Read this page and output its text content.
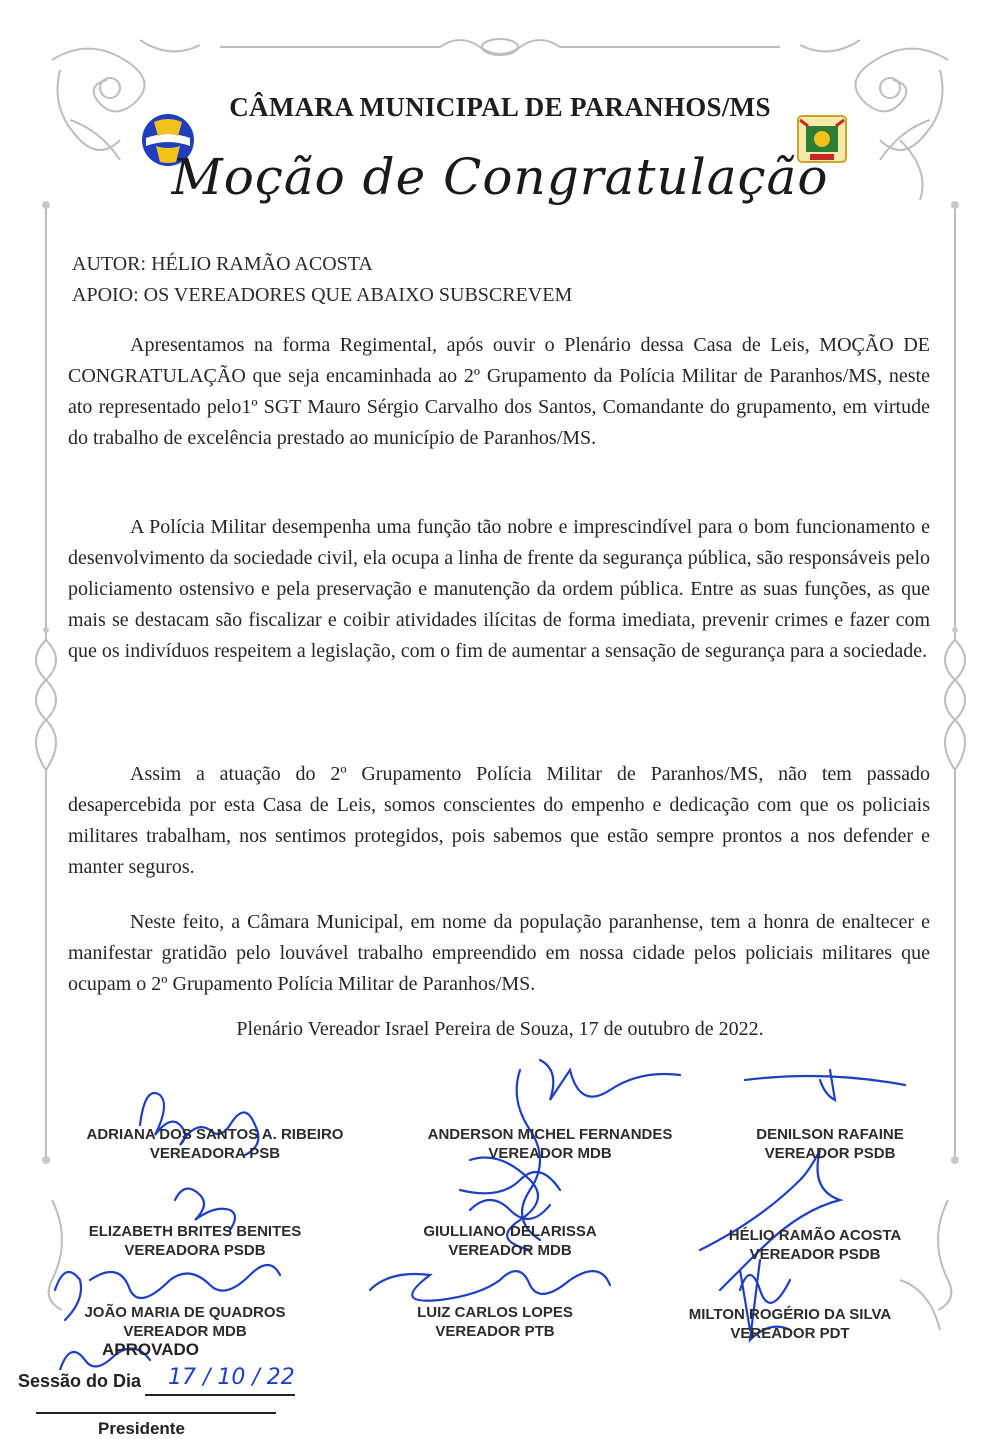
CÂMARA MUNICIPAL DE PARANHOS/MS
Moção de Congratulação
AUTOR: HÉLIO RAMÃO ACOSTA
APOIO: OS VEREADORES QUE ABAIXO SUBSCREVEM

Apresentamos na forma Regimental, após ouvir o Plenário dessa Casa de Leis, MOÇÃO DE CONGRATULAÇÃO que seja encaminhada ao 2º Grupamento da Polícia Militar de Paranhos/MS, neste ato representado pelo1º SGT Mauro Sérgio Carvalho dos Santos, Comandante do grupamento, em virtude do trabalho de excelência prestado ao município de Paranhos/MS.

A Polícia Militar desempenha uma função tão nobre e imprescindível para o bom funcionamento e desenvolvimento da sociedade civil, ela ocupa a linha de frente da segurança pública, são responsáveis pelo policiamento ostensivo e pela preservação e manutenção da ordem pública. Entre as suas funções, as que mais se destacam são fiscalizar e coibir atividades ilícitas de forma imediata, prevenir crimes e fazer com que os indivíduos respeitem a legislação, com o fim de aumentar a sensação de segurança para a sociedade.

Assim a atuação do 2º Grupamento Polícia Militar de Paranhos/MS, não tem passado desapercebida por esta Casa de Leis, somos conscientes do empenho e dedicação com que os policiais militares trabalham, nos sentimos protegidos, pois sabemos que estão sempre prontos a nos defender e manter seguros.

Neste feito, a Câmara Municipal, em nome da população paranhense, tem a honra de enaltecer e manifestar gratidão pelo louvável trabalho empreendido em nossa cidade pelos policiais militares que ocupam o 2º Grupamento Polícia Militar de Paranhos/MS.

Plenário Vereador Israel Pereira de Souza, 17 de outubro de 2022.
ADRIANA DOS SANTOS A. RIBEIRO
VEREADORA PSB
ANDERSON MICHEL FERNANDES
VEREADOR MDB
DENILSON RAFAINE
VEREADOR PSDB
ELIZABETH BRITES BENITES
VEREADORA PSDB
GIULLIANO DELARISSA
VEREADOR MDB
HÉLIO RAMÃO ACOSTA
VEREADOR PSDB
JOÃO MARIA DE QUADROS
VEREADOR MDB
LUIZ CARLOS LOPES
VEREADOR PTB
MILTON ROGÉRIO DA SILVA
VEREADOR PDT
APROVADO
Sessão do Dia 17 / 10 / 22
Presidente
